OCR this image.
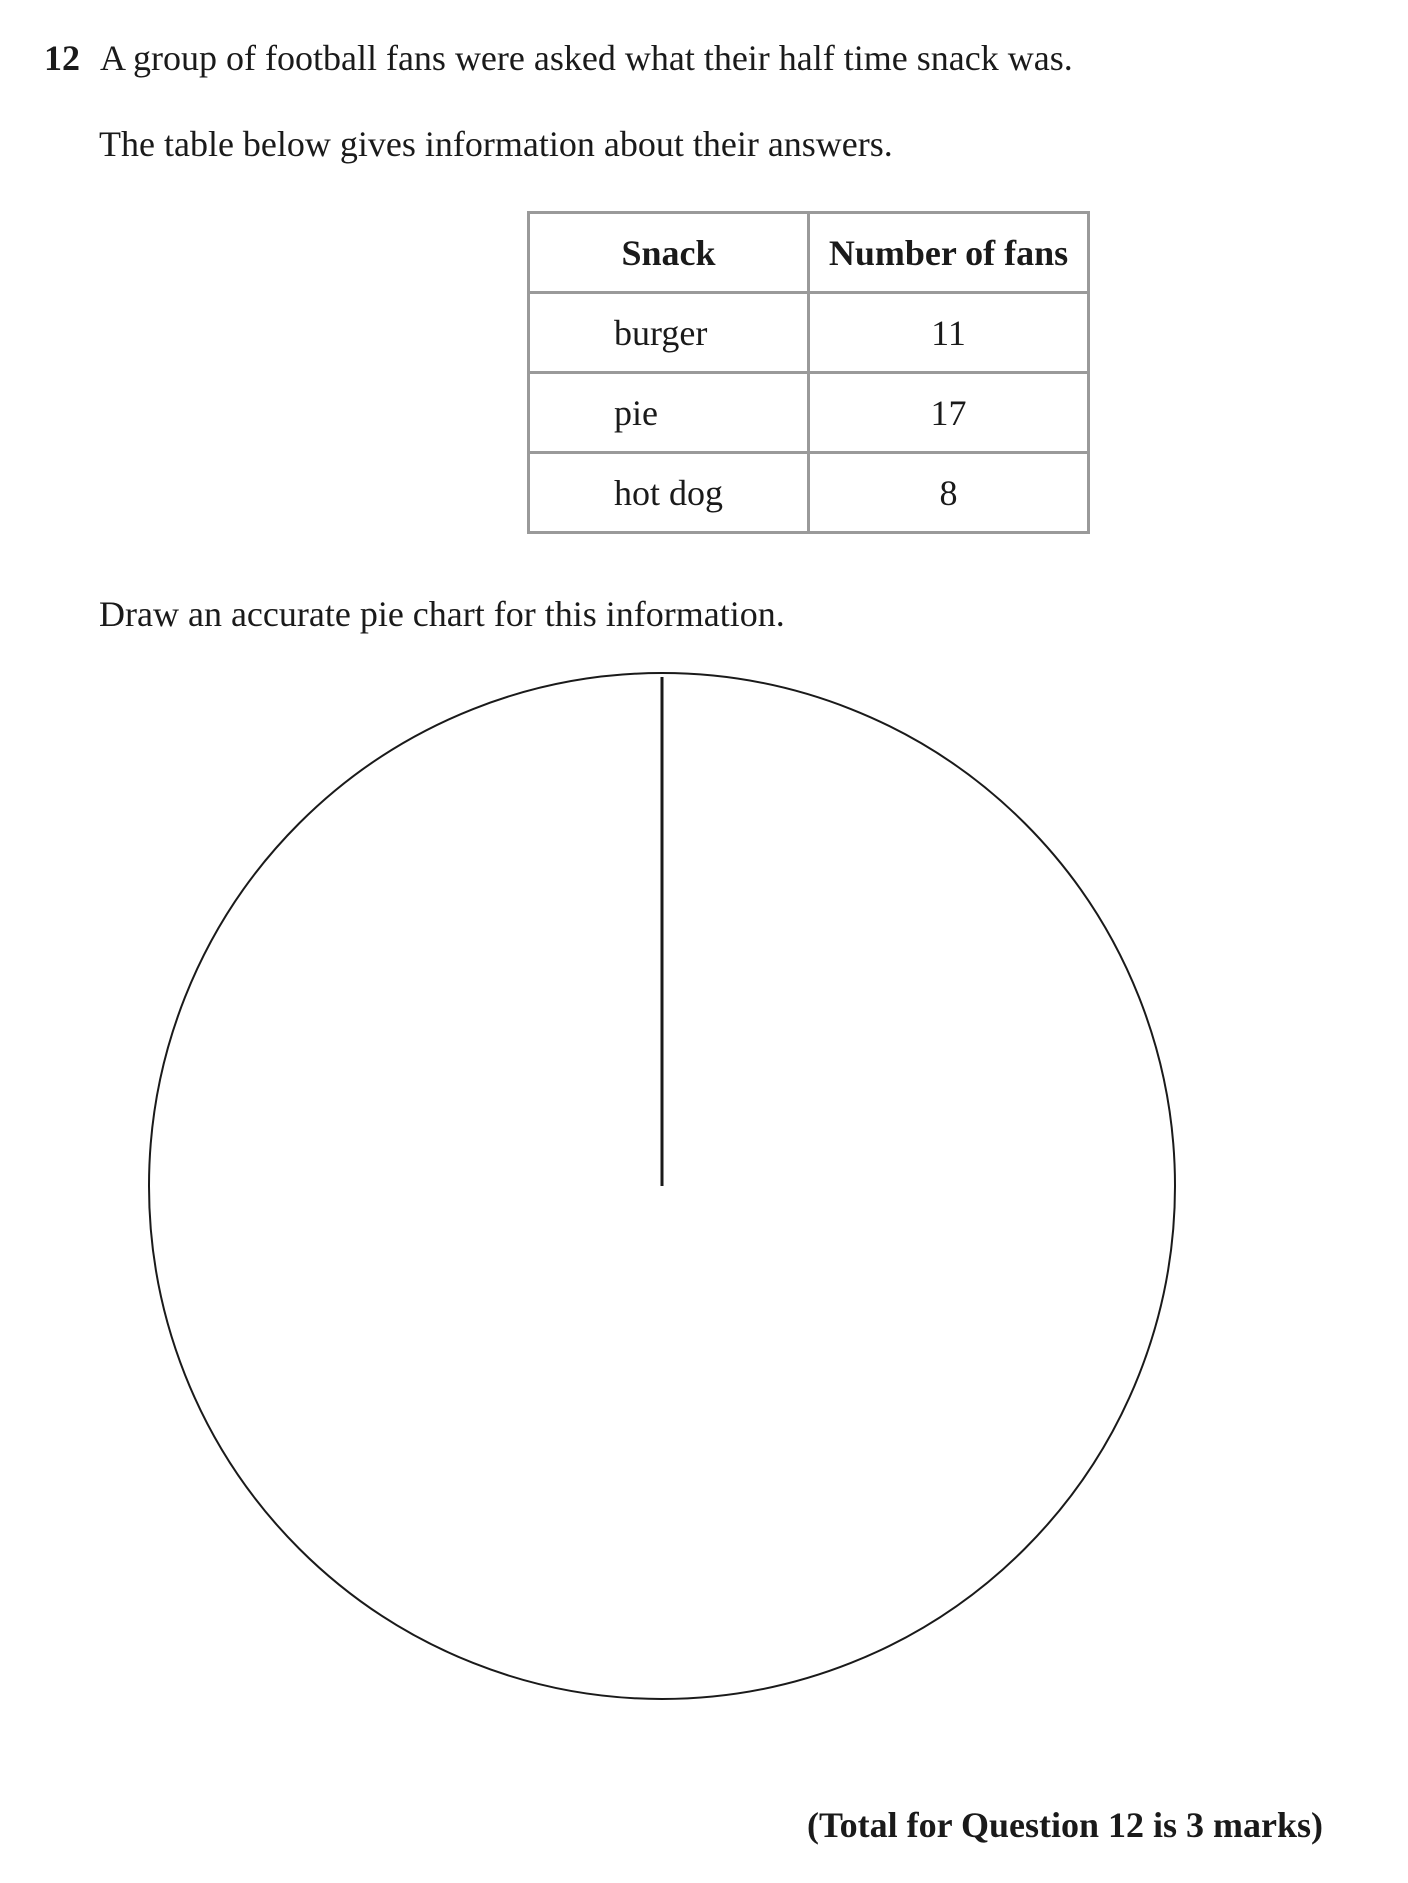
12 A group of football fans were asked what their half time snack was.
The table below gives information about their answers.
Snack	Number of fans
burger	11
pie	17
hot dog	8
Draw an accurate pie chart for this information.
(Total for Question 12 is 3 marks)
